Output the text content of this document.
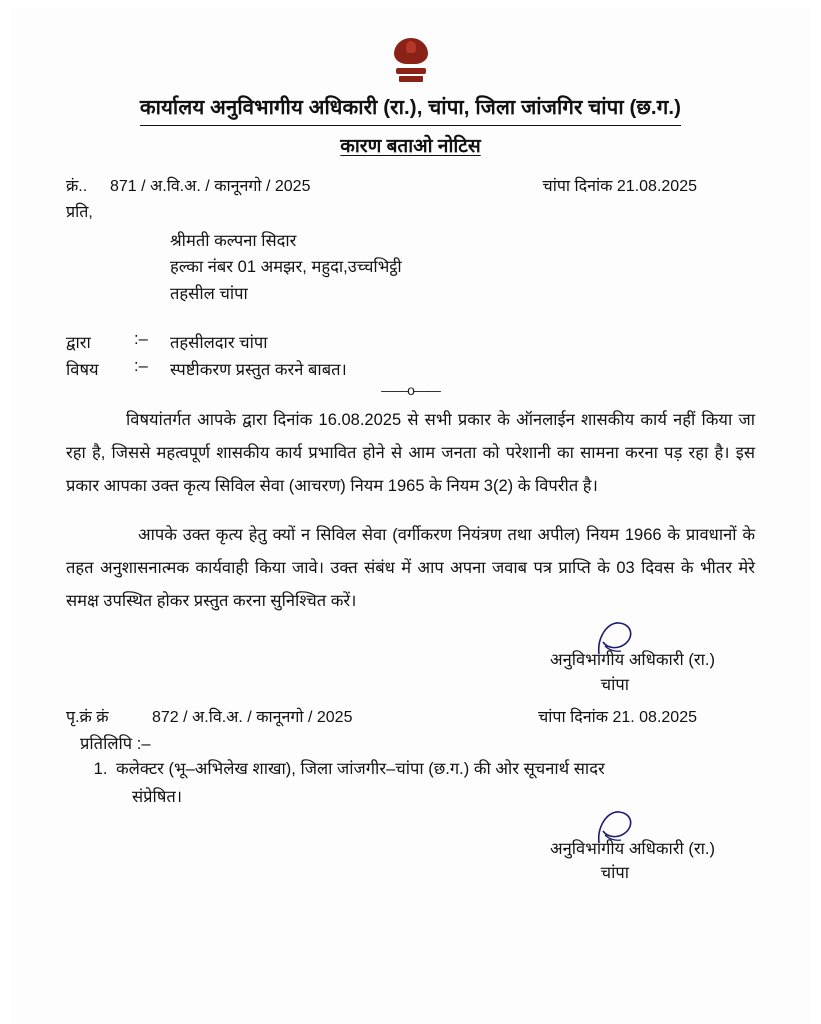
कार्यालय अनुविभागीय अधिकारी (रा.), चांपा, जिला जांजगिर चांपा (छ.ग.)
कारण बताओ नोटिस
क्रं..	871 / अ.वि.अ. / कानूनगो / 2025	चांपा दिनांक 21.08.2025
प्रति,
श्रीमती कल्पना सिदार
हल्का नंबर 01 अमझर, महुदा,उच्चभिट्ठी
तहसील चांपा
द्वारा	:–	तहसीलदार चांपा
विषय	:–	स्पष्टीकरण प्रस्तुत करने बाबत।
——o——
विषयांतर्गत आपके द्वारा दिनांक 16.08.2025 से सभी प्रकार के ऑनलाईन शासकीय कार्य नहीं किया जा रहा है, जिससे महत्वपूर्ण शासकीय कार्य प्रभावित होने से आम जनता को परेशानी का सामना करना पड़ रहा है। इस प्रकार आपका उक्त कृत्य सिविल सेवा (आचरण) नियम 1965 के नियम 3(2) के विपरीत है।
आपके उक्त कृत्य हेतु क्यों न सिविल सेवा (वर्गीकरण नियंत्रण तथा अपील) नियम 1966 के प्रावधानों के तहत अनुशासनात्मक कार्यवाही किया जावे। उक्त संबंध में आप अपना जवाब पत्र प्राप्ति के 03 दिवस के भीतर मेरे समक्ष उपस्थित होकर प्रस्तुत करना सुनिश्चित करें।
अनुविभागीय अधिकारी (रा.)
चांपा
पृ.क्रं क्रं	872 / अ.वि.अ. / कानूनगो / 2025	चांपा दिनांक 21. 08.2025
प्रतिलिपि :–
1. कलेक्टर (भू–अभिलेख शाखा), जिला जांजगीर–चांपा (छ.ग.) की ओर सूचनार्थ सादर
संप्रेषित।
अनुविभागीय अधिकारी (रा.)
चांपा
